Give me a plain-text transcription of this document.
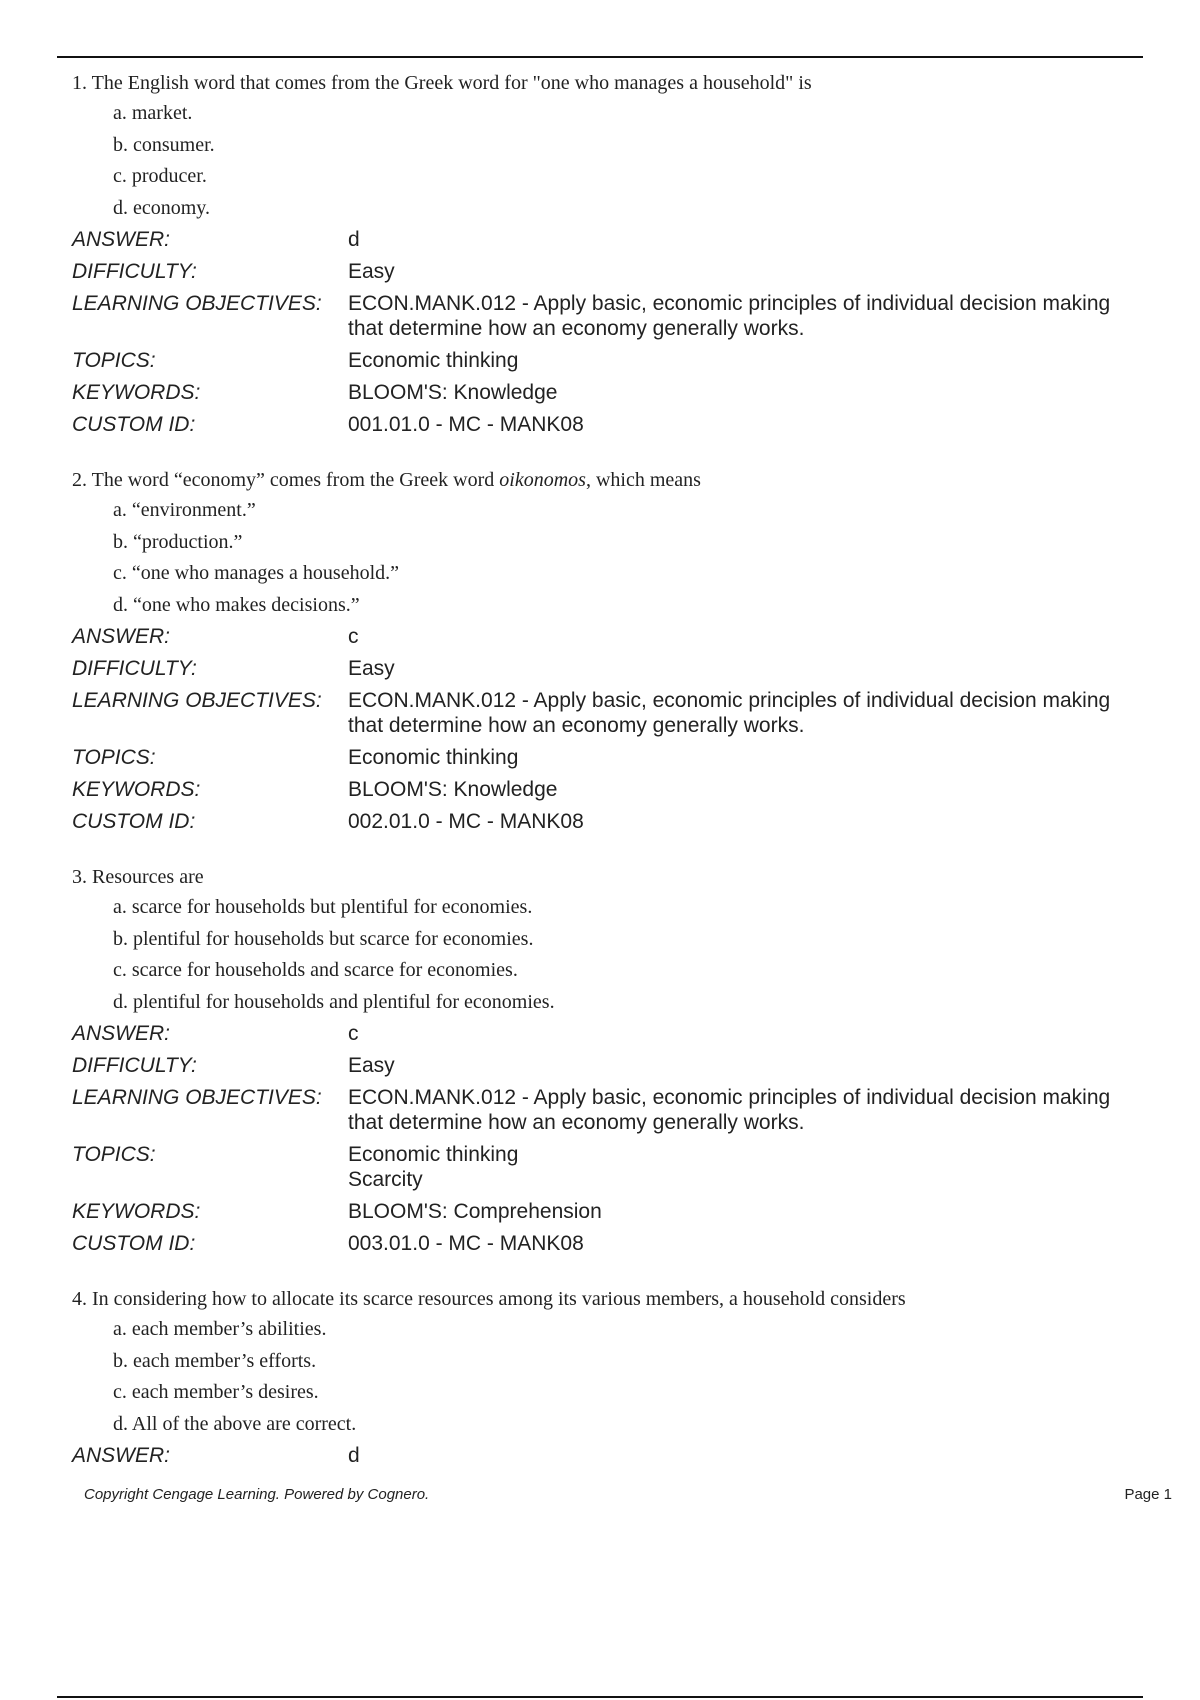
1. The English word that comes from the Greek word for "one who manages a household" is
a. market.
b. consumer.
c. producer.
d. economy.
ANSWER:	d
DIFFICULTY:	Easy
LEARNING OBJECTIVES:	ECON.MANK.012 - Apply basic, economic principles of individual decision making
that determine how an economy generally works.
TOPICS:	Economic thinking
KEYWORDS:	BLOOM'S: Knowledge
CUSTOM ID:	001.01.0 - MC - MANK08
2. The word “economy” comes from the Greek word oikonomos, which means
a. “environment.”
b. “production.”
c. “one who manages a household.”
d. “one who makes decisions.”
ANSWER:	c
DIFFICULTY:	Easy
LEARNING OBJECTIVES:	ECON.MANK.012 - Apply basic, economic principles of individual decision making
that determine how an economy generally works.
TOPICS:	Economic thinking
KEYWORDS:	BLOOM'S: Knowledge
CUSTOM ID:	002.01.0 - MC - MANK08
3. Resources are
a. scarce for households but plentiful for economies.
b. plentiful for households but scarce for economies.
c. scarce for households and scarce for economies.
d. plentiful for households and plentiful for economies.
ANSWER:	c
DIFFICULTY:	Easy
LEARNING OBJECTIVES:	ECON.MANK.012 - Apply basic, economic principles of individual decision making
that determine how an economy generally works.
TOPICS:	Economic thinking
Scarcity
KEYWORDS:	BLOOM'S: Comprehension
CUSTOM ID:	003.01.0 - MC - MANK08
4. In considering how to allocate its scarce resources among its various members, a household considers
a. each member’s abilities.
b. each member’s efforts.
c. each member’s desires.
d. All of the above are correct.
ANSWER:	d
Copyright Cengage Learning. Powered by Cognero.	Page 1
